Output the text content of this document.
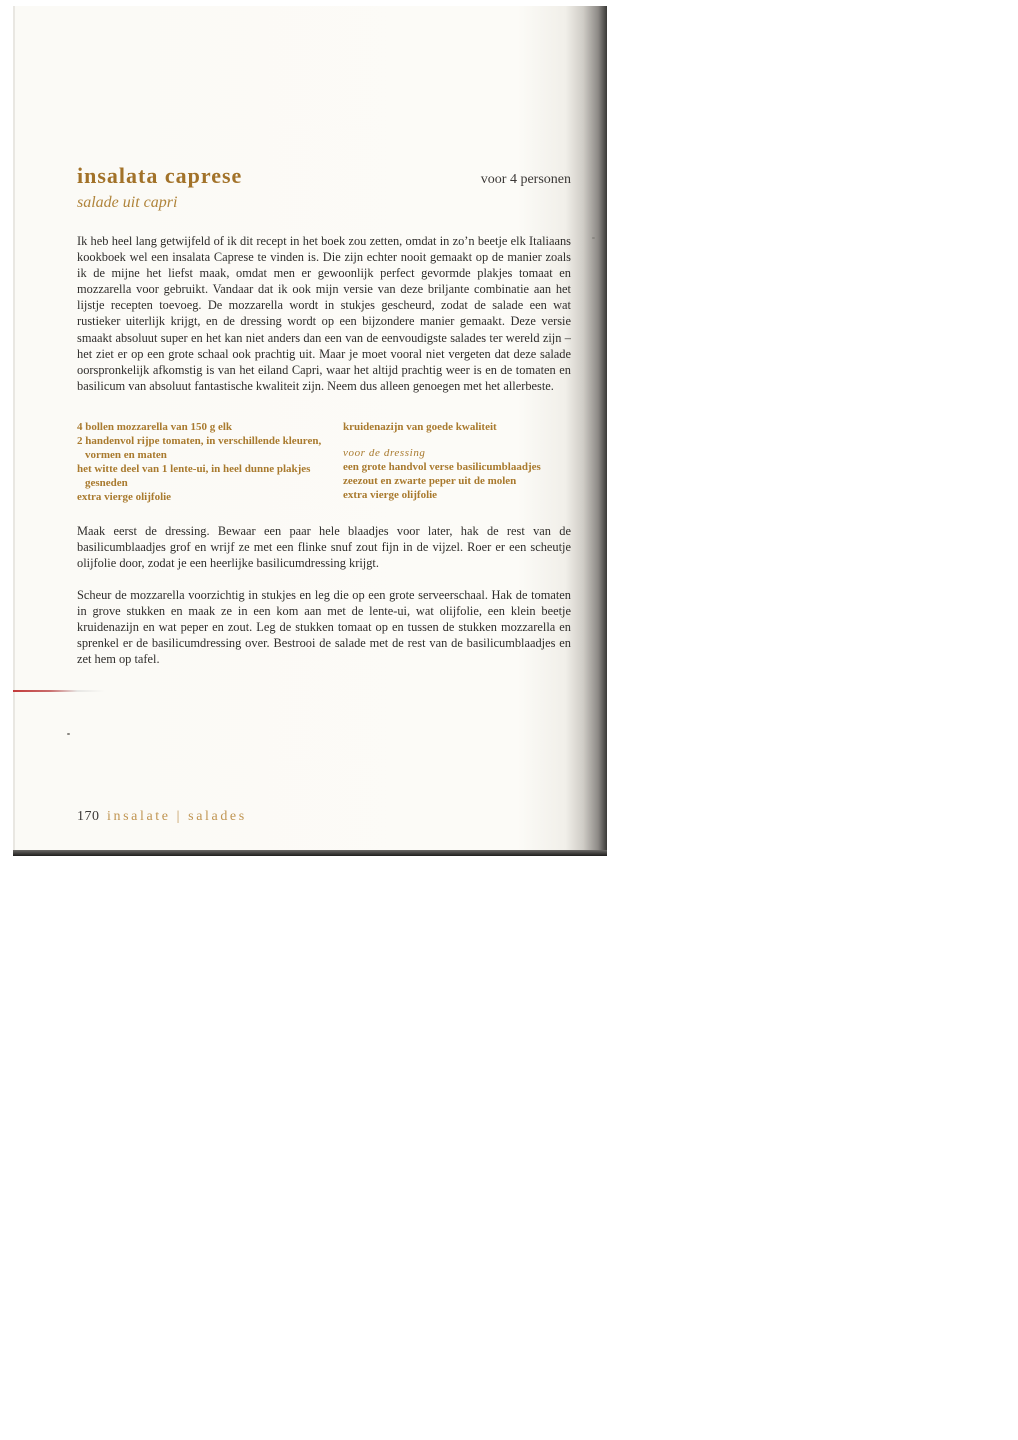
insalata caprese
salade uit capri
voor 4 personen

Ik heb heel lang getwijfeld of ik dit recept in het boek zou zetten, omdat in zo’n beetje elk Italiaans kookboek wel een insalata Caprese te vinden is. Die zijn echter nooit gemaakt op de manier zoals ik de mijne het liefst maak, omdat men er gewoonlijk perfect gevormde plakjes tomaat en mozzarella voor gebruikt. Vandaar dat ik ook mijn versie van deze briljante combinatie aan het lijstje recepten toevoeg. De mozzarella wordt in stukjes gescheurd, zodat de salade een wat rustieker uiterlijk krijgt, en de dressing wordt op een bijzondere manier gemaakt. Deze versie smaakt absoluut super en het kan niet anders dan een van de eenvoudigste salades ter wereld zijn – het ziet er op een grote schaal ook prachtig uit. Maar je moet vooral niet vergeten dat deze salade oorspronkelijk afkomstig is van het eiland Capri, waar het altijd prachtig weer is en de tomaten en basilicum van absoluut fantastische kwaliteit zijn. Neem dus alleen genoegen met het allerbeste.

4 bollen mozzarella van 150 g elk
2 handenvol rijpe tomaten, in verschillende kleuren, vormen en maten
het witte deel van 1 lente-ui, in heel dunne plakjes gesneden
extra vierge olijfolie
kruidenazijn van goede kwaliteit
voor de dressing
een grote handvol verse basilicumblaadjes
zeezout en zwarte peper uit de molen
extra vierge olijfolie

Maak eerst de dressing. Bewaar een paar hele blaadjes voor later, hak de rest van de basilicumblaadjes grof en wrijf ze met een flinke snuf zout fijn in de vijzel. Roer er een scheutje olijfolie door, zodat je een heerlijke basilicumdressing krijgt.

Scheur de mozzarella voorzichtig in stukjes en leg die op een grote serveerschaal. Hak de tomaten in grove stukken en maak ze in een kom aan met de lente-ui, wat olijfolie, een klein beetje kruidenazijn en wat peper en zout. Leg de stukken tomaat op en tussen de stukken mozzarella en sprenkel er de basilicumdressing over. Bestrooi de salade met de rest van de basilicumblaadjes en zet hem op tafel.

170 insalate | salades
